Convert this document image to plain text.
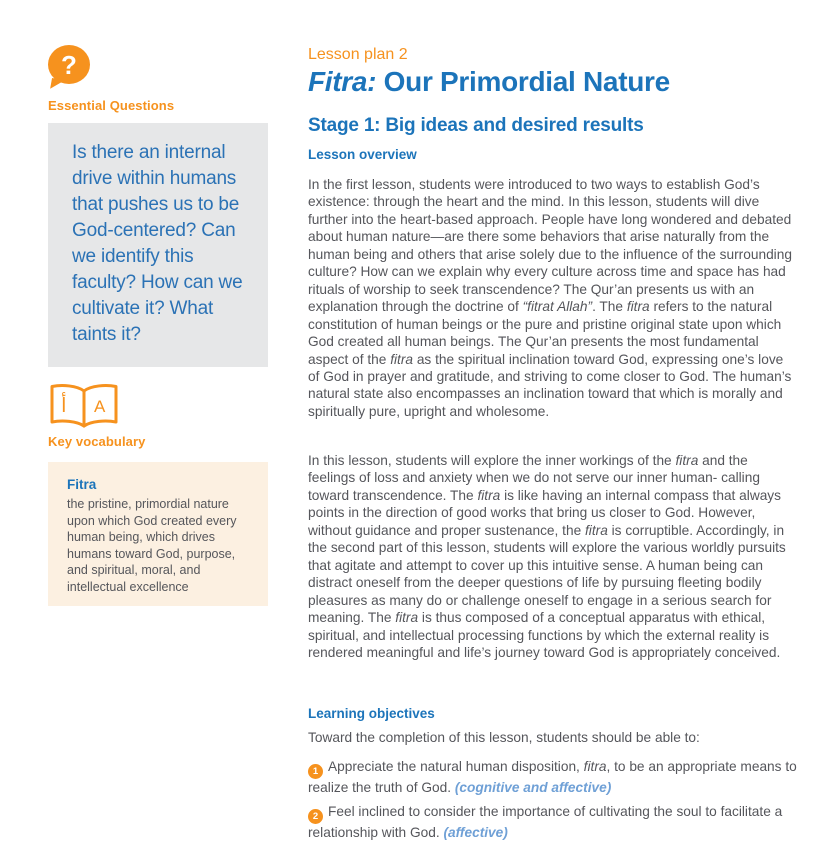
?
Essential Questions
Is there an internal drive within humans that pushes us to be God-centered? Can we identify this faculty? How can we cultivate it? What taints it?
أ A
Key vocabulary
Fitra
the pristine, primordial nature upon which God created every human being, which drives humans toward God, purpose, and spiritual, moral, and intellectual excellence
Lesson plan 2
Fitra: Our Primordial Nature
Stage 1: Big ideas and desired results
Lesson overview

In the first lesson, students were introduced to two ways to establish God’s existence: through the heart and the mind. In this lesson, students will dive further into the heart-based approach. People have long wondered and debated about human nature—are there some behaviors that arise naturally from the human being and others that arise solely due to the influence of the surrounding culture? How can we explain why every culture across time and space has had rituals of worship to seek transcendence? The Qur’an presents us with an explanation through the doctrine of “fitrat Allah”. The fitra refers to the natural constitution of human beings or the pure and pristine original state upon which God created all human beings. The Qur’an presents the most fundamental aspect of the fitra as the spiritual inclination toward God, expressing one’s love of God in prayer and gratitude, and striving to come closer to God. The human’s natural state also encompasses an inclination toward that which is morally and spiritually pure, upright and wholesome.

In this lesson, students will explore the inner workings of the fitra and the feelings of loss and anxiety when we do not serve our inner human- calling toward transcendence. The fitra is like having an internal compass that always points in the direction of good works that bring us closer to God. However, without guidance and proper sustenance, the fitra is corruptible. Accordingly, in the second part of this lesson, students will explore the various worldly pursuits that agitate and attempt to cover up this intuitive sense. A human being can distract oneself from the deeper questions of life by pursuing fleeting bodily pleasures as many do or challenge oneself to engage in a serious search for meaning. The fitra is thus composed of a conceptual apparatus with ethical, spiritual, and intellectual processing functions by which the external reality is rendered meaningful and life’s journey toward God is appropriately conceived.

Learning objectives

Toward the completion of this lesson, students should be able to:

1 Appreciate the natural human disposition, fitra, to be an appropriate means to realize the truth of God. (cognitive and affective)
2 Feel inclined to consider the importance of cultivating the soul to facilitate a relationship with God. (affective)
